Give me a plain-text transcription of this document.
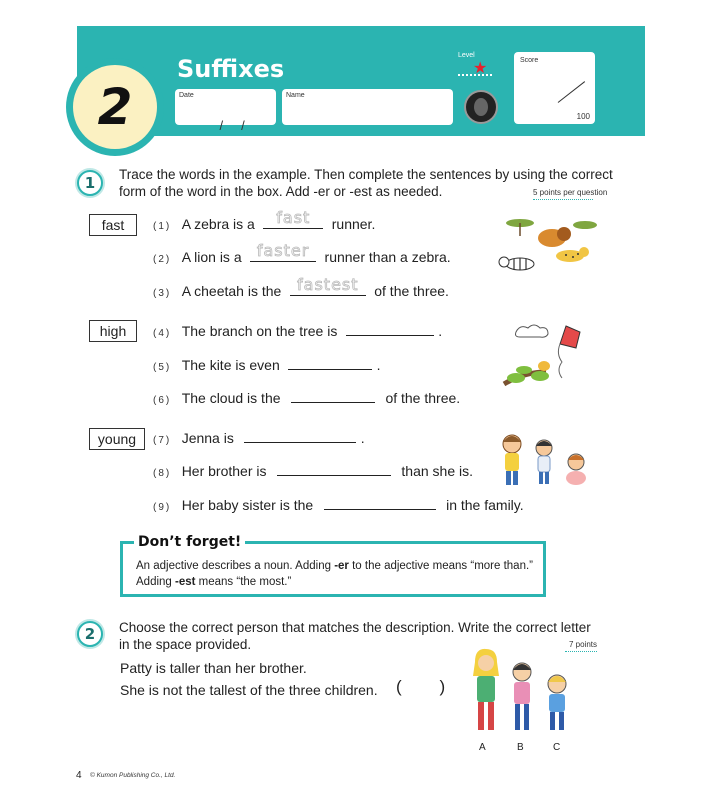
2
Suffixes
Date

/     /

Name
Level
★	Score
100
1	Trace the words in the example. Then complete the sentences by using the correct
form of the word in the box. Add -er or -est as needed.	5 points per question
fast	(1) A zebra is a	fast	runner.
(2) A lion is a faster	runner than a zebra.
(3) A cheetah is the fastest	of the three.
high	(4) The branch on the tree is	.
(5) The kite is even	.
(6) The cloud is the	of the three.
young	(7) Jenna is	.
(8) Her brother is	than she is.
(9) Her baby sister is the	in the family.
Don’t forget!
An adjective describes a noun. Adding -er to the adjective means “more than.”
Adding -est means “the most.”
2	Choose the correct person that matches the description. Write the correct letter
in the space provided.	7 points
Patty is taller than her brother.
She is not the tallest of the three children. (        )
A	B	C
4 © Kumon Publishing Co., Ltd.
